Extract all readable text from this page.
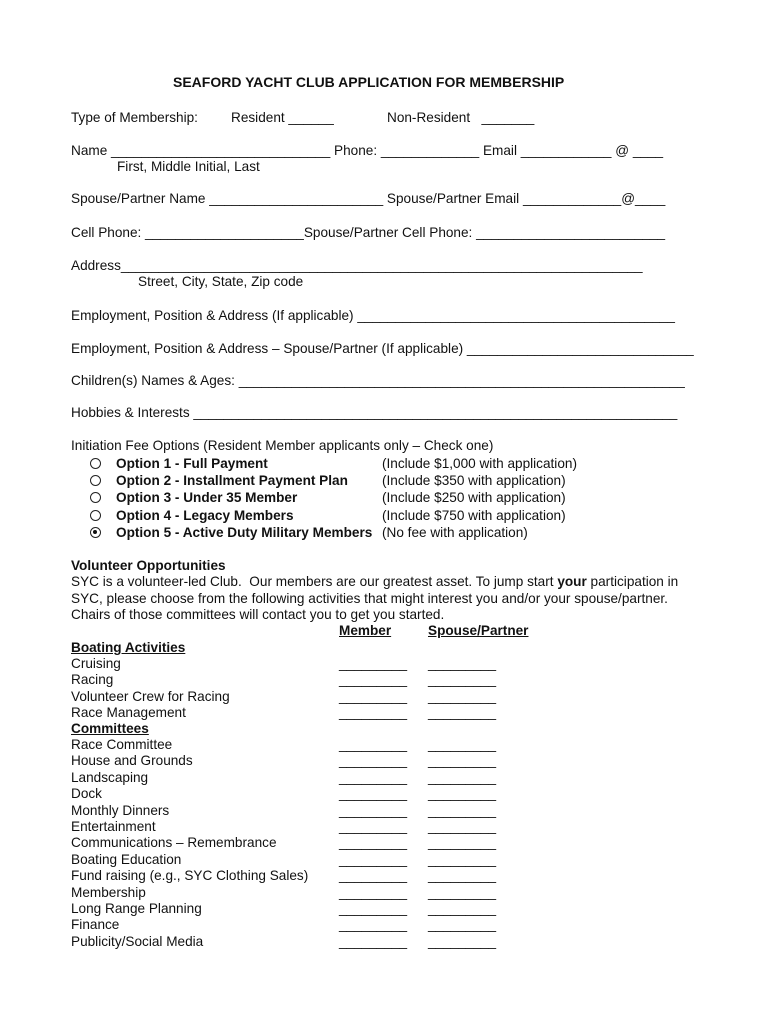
SEAFORD YACHT CLUB APPLICATION FOR MEMBERSHIP
Type of Membership: Resident ______	Non-Resident   _______
Name _____________________________ Phone: _____________ Email ____________ @ ____
First, Middle Initial, Last
Spouse/Partner Name _______________________ Spouse/Partner Email _____________@____
Cell Phone: _____________________Spouse/Partner Cell Phone: _________________________
Address_____________________________________________________________________
Street, City, State, Zip code
Employment, Position & Address (If applicable) __________________________________________
Employment, Position & Address – Spouse/Partner (If applicable) ______________________________
Children(s) Names & Ages: ___________________________________________________________
Hobbies & Interests ________________________________________________________________
Initiation Fee Options (Resident Member applicants only – Check one)
Option 1 - Full Payment	(Include $1,000 with application)
Option 2 - Installment Payment Plan	(Include $350 with application)
Option 3 - Under 35 Member	(Include $250 with application)
Option 4 - Legacy Members	(Include $750 with application)
Option 5 - Active Duty Military Members (No fee with application)
Volunteer Opportunities
SYC is a volunteer-led Club.  Our members are our greatest asset. To jump start your participation in
SYC, please choose from the following activities that might interest you and/or your spouse/partner.
Chairs of those committees will contact you to get you started.
Member	Spouse/Partner
Boating Activities
Cruising	_________ _________
Racing	_________ _________
Volunteer Crew for Racing	_________ _________
Race Management	_________ _________
Committees
Race Committee	_________ _________
House and Grounds	_________ _________
Landscaping	_________ _________
Dock	_________ _________
Monthly Dinners	_________ _________
Entertainment	_________ _________
Communications – Remembrance	_________ _________
Boating Education	_________ _________
Fund raising (e.g., SYC Clothing Sales) _________ _________
Membership	_________ _________
Long Range Planning	_________ _________
Finance	_________ _________
Publicity/Social Media	_________ _________
